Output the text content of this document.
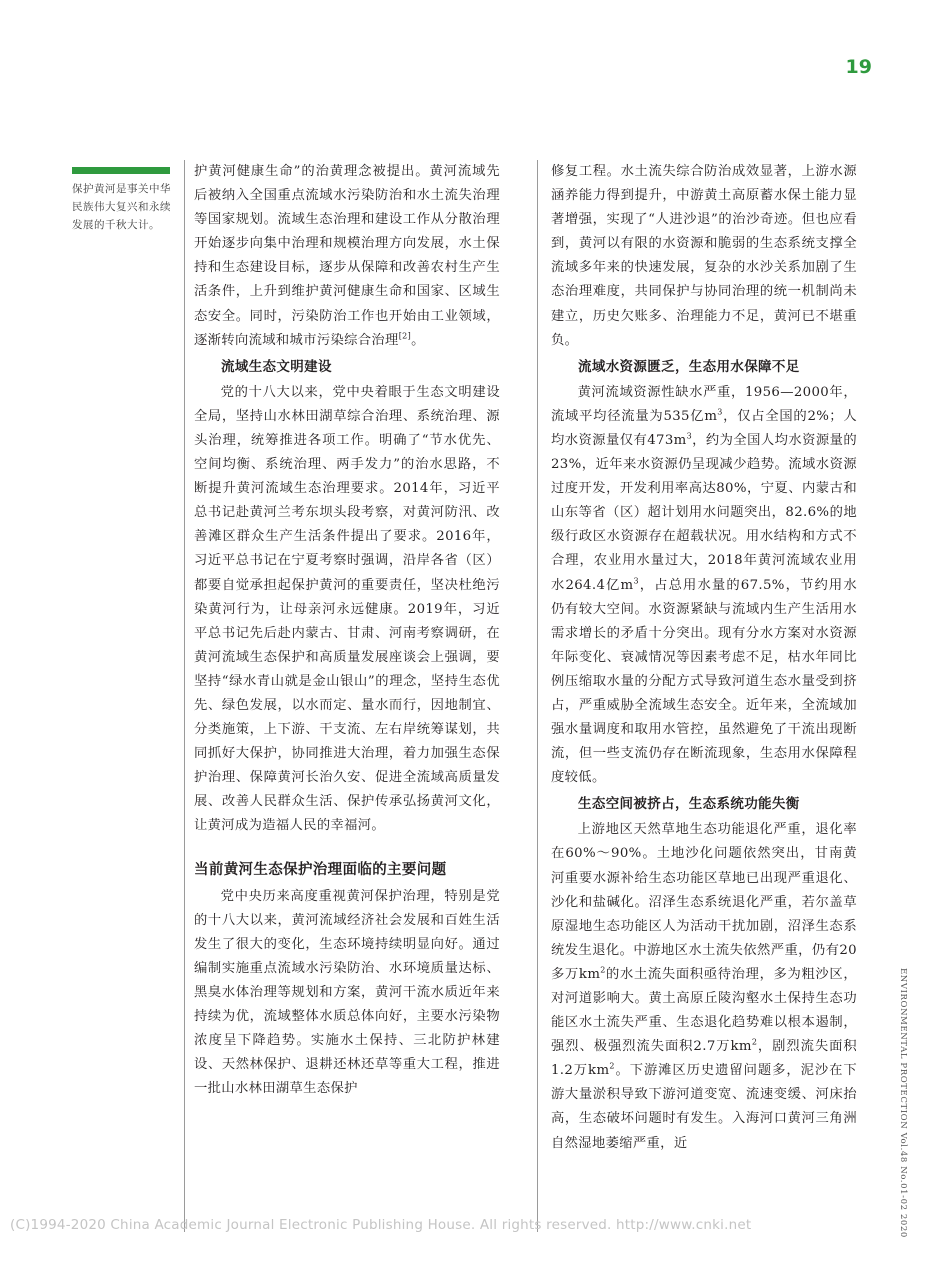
19
保护黄河是事关中华民族伟大复兴和永续发展的千秋大计。

护黄河健康生命”的治黄理念被提出。黄河流域先后被纳入全国重点流域水污染防治和水土流失治理等国家规划。流域生态治理和建设工作从分散治理开始逐步向集中治理和规模治理方向发展，水土保持和生态建设目标，逐步从保障和改善农村生产生活条件，上升到维护黄河健康生命和国家、区域生态安全。同时，污染防治工作也开始由工业领域，逐渐转向流域和城市污染综合治理[2]。

流域生态文明建设

党的十八大以来，党中央着眼于生态文明建设全局，坚持山水林田湖草综合治理、系统治理、源头治理，统筹推进各项工作。明确了“节水优先、空间均衡、系统治理、两手发力”的治水思路，不断提升黄河流域生态治理要求。2014年，习近平总书记赴黄河兰考东坝头段考察，对黄河防汛、改善滩区群众生产生活条件提出了要求。2016年，习近平总书记在宁夏考察时强调，沿岸各省（区）都要自觉承担起保护黄河的重要责任，坚决杜绝污染黄河行为，让母亲河永远健康。2019年，习近平总书记先后赴内蒙古、甘肃、河南考察调研，在黄河流域生态保护和高质量发展座谈会上强调，要坚持“绿水青山就是金山银山”的理念，坚持生态优先、绿色发展，以水而定、量水而行，因地制宜、分类施策，上下游、干支流、左右岸统筹谋划，共同抓好大保护，协同推进大治理，着力加强生态保护治理、保障黄河长治久安、促进全流域高质量发展、改善人民群众生活、保护传承弘扬黄河文化，让黄河成为造福人民的幸福河。

当前黄河生态保护治理面临的主要问题

党中央历来高度重视黄河保护治理，特别是党的十八大以来，黄河流域经济社会发展和百姓生活发生了很大的变化，生态环境持续明显向好。通过编制实施重点流域水污染防治、水环境质量达标、黑臭水体治理等规划和方案，黄河干流水质近年来持续为优，流域整体水质总体向好，主要水污染物浓度呈下降趋势。实施水土保持、三北防护林建设、天然林保护、退耕还林还草等重大工程，推进一批山水林田湖草生态保护

修复工程。水土流失综合防治成效显著，上游水源涵养能力得到提升，中游黄土高原蓄水保土能力显著增强，实现了“人进沙退”的治沙奇迹。但也应看到，黄河以有限的水资源和脆弱的生态系统支撑全流域多年来的快速发展，复杂的水沙关系加剧了生态治理难度，共同保护与协同治理的统一机制尚未建立，历史欠账多、治理能力不足，黄河已不堪重负。

流域水资源匮乏，生态用水保障不足

黄河流域资源性缺水严重，1956—2000年，流域平均径流量为535亿$m^3$，仅占全国的2%；人均水资源量仅有$473m^3$，约为全国人均水资源量的23%，近年来水资源仍呈现减少趋势。流域水资源过度开发，开发利用率高达80%，宁夏、内蒙古和山东等省（区）超计划用水问题突出，82.6%的地级行政区水资源存在超载状况。用水结构和方式不合理，农业用水量过大，2018年黄河流域农业用水264.4亿$m^3$，占总用水量的67.5%，节约用水仍有较大空间。水资源紧缺与流域内生产生活用水需求增长的矛盾十分突出。现有分水方案对水资源年际变化、衰减情况等因素考虑不足，枯水年同比例压缩取水量的分配方式导致河道生态水量受到挤占，严重威胁全流域生态安全。近年来，全流域加强水量调度和取用水管控，虽然避免了干流出现断流，但一些支流仍存在断流现象，生态用水保障程度较低。

生态空间被挤占，生态系统功能失衡

上游地区天然草地生态功能退化严重，退化率在60%～90%。土地沙化问题依然突出，甘南黄河重要水源补给生态功能区草地已出现严重退化、沙化和盐碱化。沼泽生态系统退化严重，若尔盖草原湿地生态功能区人为活动干扰加剧，沼泽生态系统发生退化。中游地区水土流失依然严重，仍有20多万$km^2$的水土流失面积亟待治理，多为粗沙区，对河道影响大。黄土高原丘陵沟壑水土保持生态功能区水土流失严重、生态退化趋势难以根本遏制，强烈、极强烈流失面积2.7万$km^2$，剧烈流失面积1.2万$km^2$。下游滩区历史遗留问题多，泥沙在下游大量淤积导致下游河道变宽、流速变缓、河床抬高，生态破坏问题时有发生。入海河口黄河三角洲自然湿地萎缩严重，近	ENVIRONMENTAL PROTECTION Vol.48 No.01-02 2020
(C)1994-2020 China Academic Journal Electronic Publishing House. All rights reserved. http://www.cnki.net
